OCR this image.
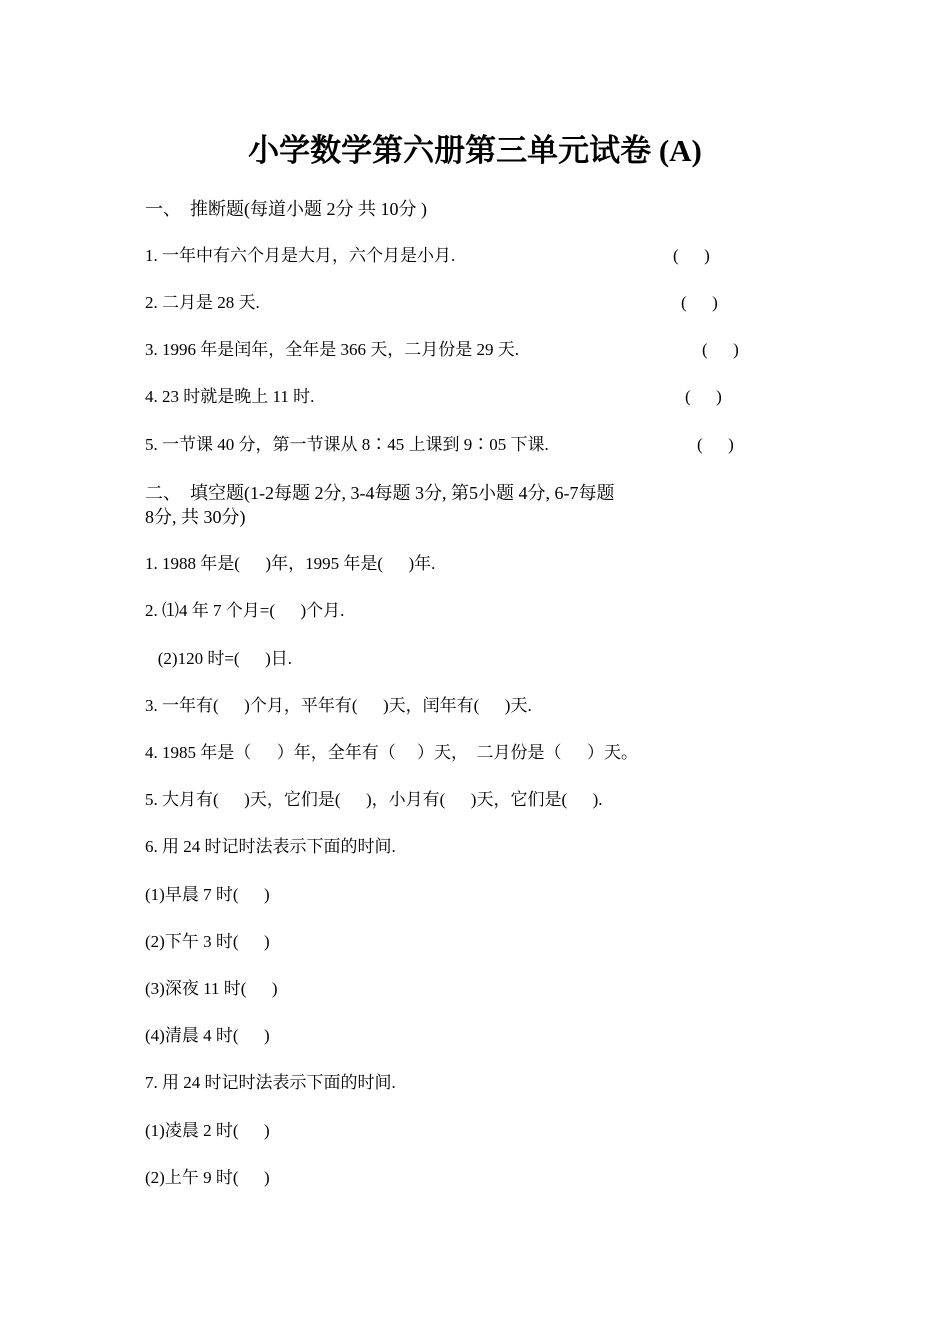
小学数学第六册第三单元试卷 (A)
一、  推断题(每道小题 2分 共 10分 )
1. 一年中有六个月是大月，六个月是小月.	(      )
2. 二月是 28 天.	(      )
3. 1996 年是闰年，全年是 366 天，二月份是 29 天.	(      )
4. 23 时就是晚上 11 时.	(      )
5. 一节课 40 分，第一节课从 8∶45 上课到 9∶05 下课.	(      )
二、  填空题(1-2每题 2分, 3-4每题 3分, 第5小题 4分, 6-7每题
8分, 共 30分)
1. 1988 年是(      )年，1995 年是(      )年.
2. ⑴4 年 7 个月=(      )个月.
(2)120 时=(      )日.
3. 一年有(      )个月，平年有(      )天，闰年有(      )天.
4. 1985 年是（      ）年，全年有（     ）天，  二月份是（      ）天。
5. 大月有(      )天，它们是(      )，小月有(      )天，它们是(      ).
6. 用 24 时记时法表示下面的时间.
(1)早晨 7 时(      )
(2)下午 3 时(      )
(3)深夜 11 时(      )
(4)清晨 4 时(      )
7. 用 24 时记时法表示下面的时间.
(1)凌晨 2 时(      )
(2)上午 9 时(      )
